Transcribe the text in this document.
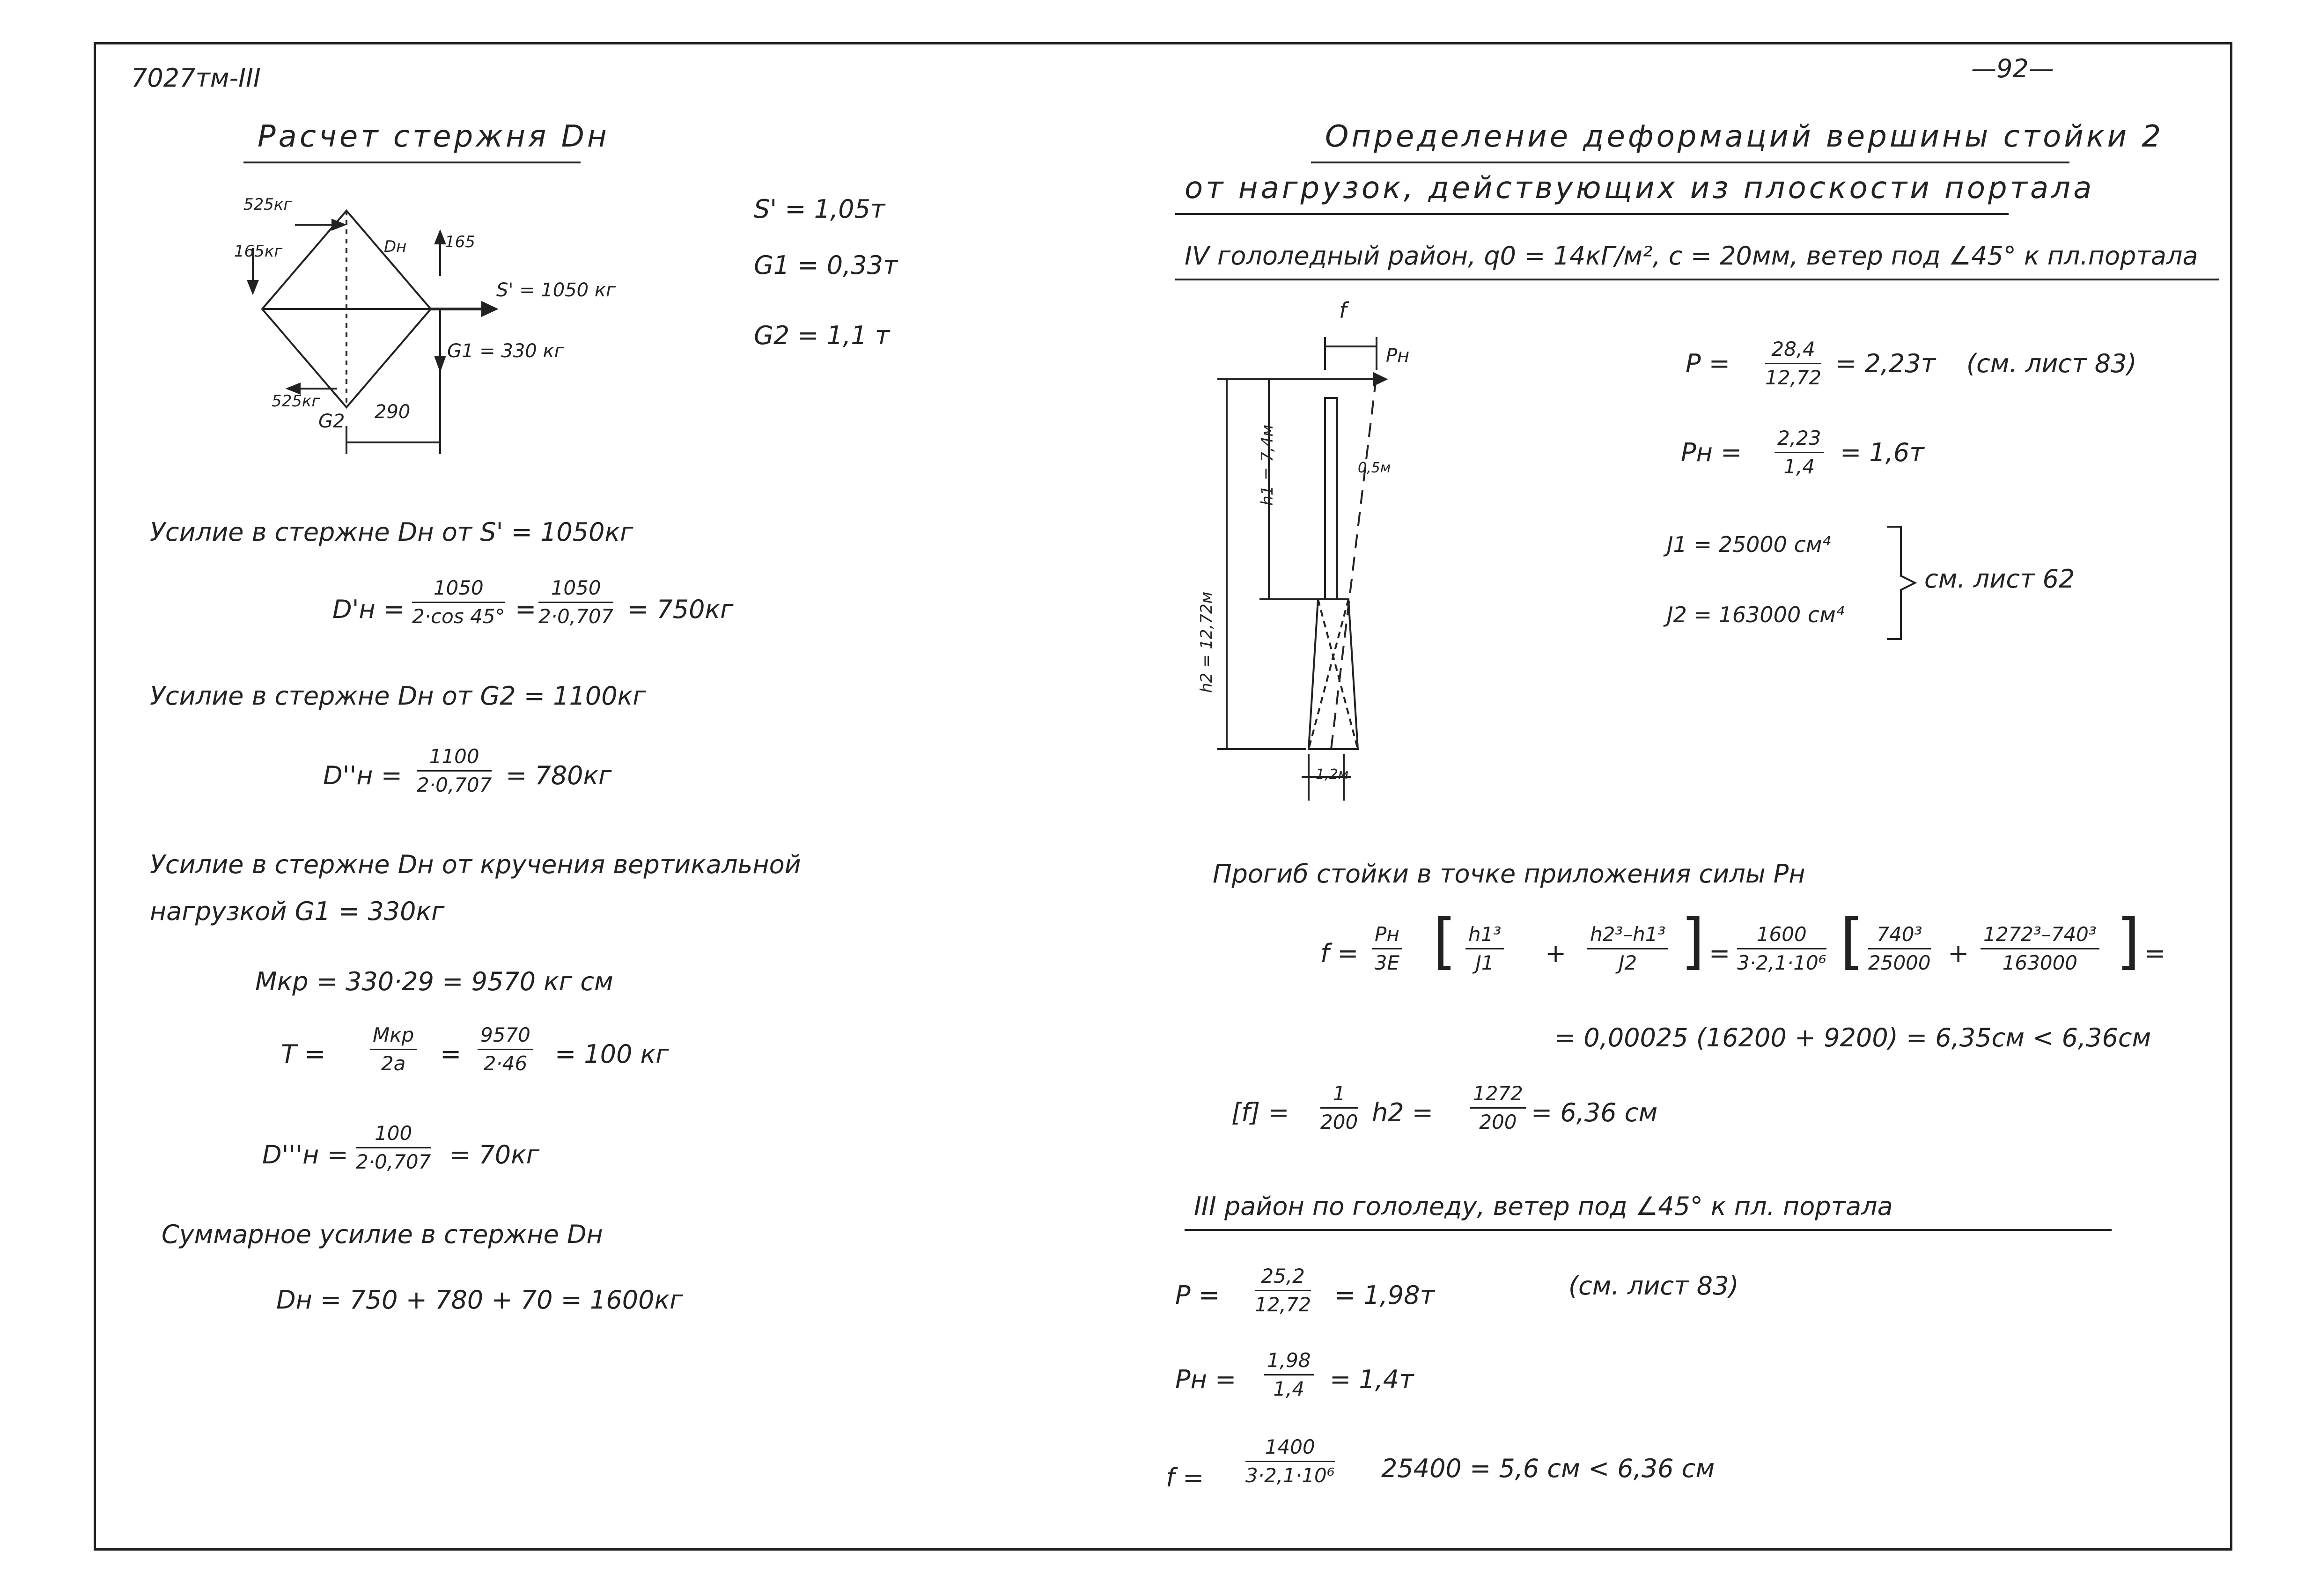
7027тм-III	—92—
Расчет стержня Dн
525кг
165кг	165
S' = 1050 кг
G1 = 330 кг
525кг
G2
Dн
290
S' = 1,05т
G1 = 0,33т
G2 = 1,1 т
Усилие в стержне Dн от S' = 1050кг
$D'н = \frac{1050}{2\cdot\cos 45^\circ} = \frac{1050}{2\cdot 0,707} = 750кг$
Усилие в стержне Dн от G2 = 1100кг
$D''н = \frac{1100}{2\cdot 0,707} = 780кг$
Усилие в стержне Dн от кручения вертикальной
нагрузкой G1 = 330кг
Мкр = 330·29 = 9570 кг см
T =
Мкр
2a	= $\frac{9570}{2\cdot 46} = 100$ кг
$D'''н = \frac{100}{2\cdot 0,707} = 70кг$
Суммарное усилие в стержне Dн
Dн = 750 + 780 + 70 = 1600кг
Определение деформаций вершины стойки 2
от нагрузок, действующих из плоскости портала
IV гололедный район, q0 = 14кГ/м², с = 20мм, ветер под ∠45° к пл.портала
f
Pн
h1 = 7,4м
h2 = 12,72м
0,5м
1,2м
$P = \frac{28,4}{12,72} = 2,23т$ (см. лист 83)
Pн = $\frac{2,23}{1,4} = 1,6т$
J1 = 25000 см⁴
J2 = 163000 см⁴
см. лист 62
Прогиб стойки в точке приложения силы Pн
f =
Pн
3E [ $\frac{\text{h1³}}{J1} + \frac{\text{h2³–h1³}}{J2}$ ] = $\frac{1600}{\text{3·2,1·10⁶}}$ [ $\frac{\text{740³}}{25000} + \frac{\text{1272³–740³}}{163000}$ ] =
= 0,00025 (16200 + 9200) = 6,35см < 6,36см
$[f] = \frac{1}{200} h2 = \frac{1272}{200} = 6,36$ см
III район по гололеду, ветер под ∠45° к пл. портала
$P = \frac{25,2}{12,72} = 1,98т$	(см. лист 83)
Pн = $\frac{1,98}{1,4} = 1,4т$
$f = \frac{1400}{\text{3·2,1·10⁶}} 25400 = 5,6$ см < 6,36 см
